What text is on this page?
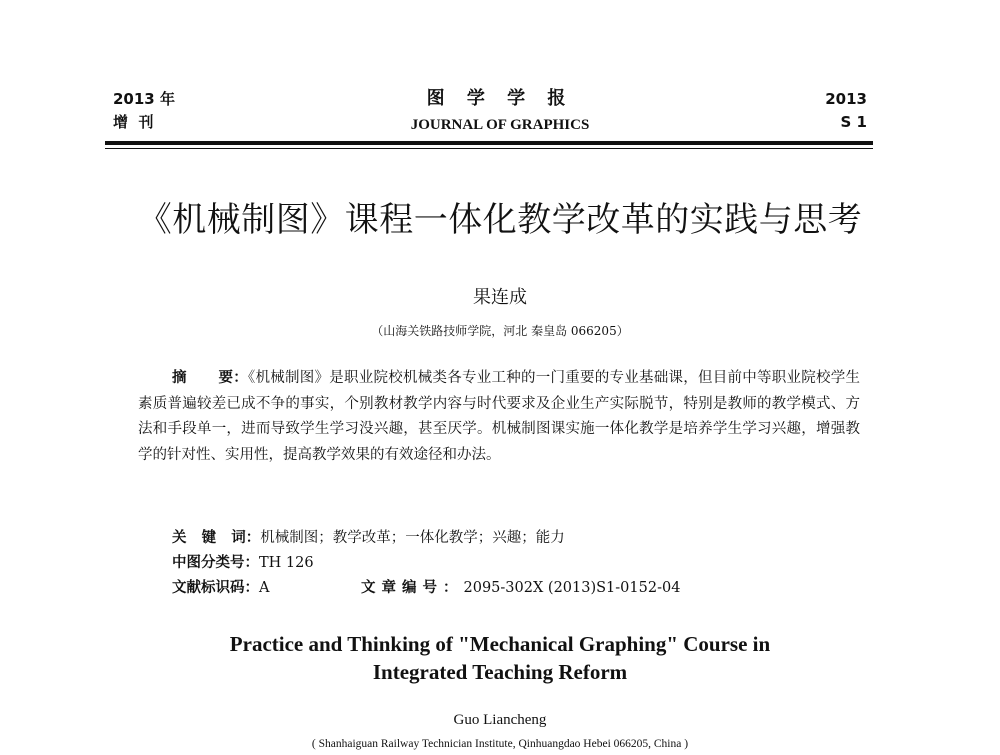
2013 年
增  刊
图 学 学 报
JOURNAL OF GRAPHICS
2013
S 1
《机械制图》课程一体化教学改革的实践与思考
果连成
（山海关铁路技师学院，河北 秦皇岛 066205）
摘      要：《机械制图》是职业院校机械类各专业工种的一门重要的专业基础课，但目前中等职业院校学生素质普遍较差已成不争的事实，个别教材教学内容与时代要求及企业生产实际脱节，特别是教师的教学模式、方法和手段单一，进而导致学生学习没兴趣，甚至厌学。机械制图课实施一体化教学是培养学生学习兴趣，增强教学的针对性、实用性，提高教学效果的有效途径和办法。
关   键   词：机械制图；教学改革；一体化教学；兴趣；能力
中图分类号：TH 126
文献标识码：A	文章编号：2095-302X (2013)S1-0152-04
Practice and Thinking of "Mechanical Graphing" Course in
Integrated Teaching Reform
Guo Liancheng
( Shanhaiguan Railway Technician Institute, Qinhuangdao Hebei 066205, China )
